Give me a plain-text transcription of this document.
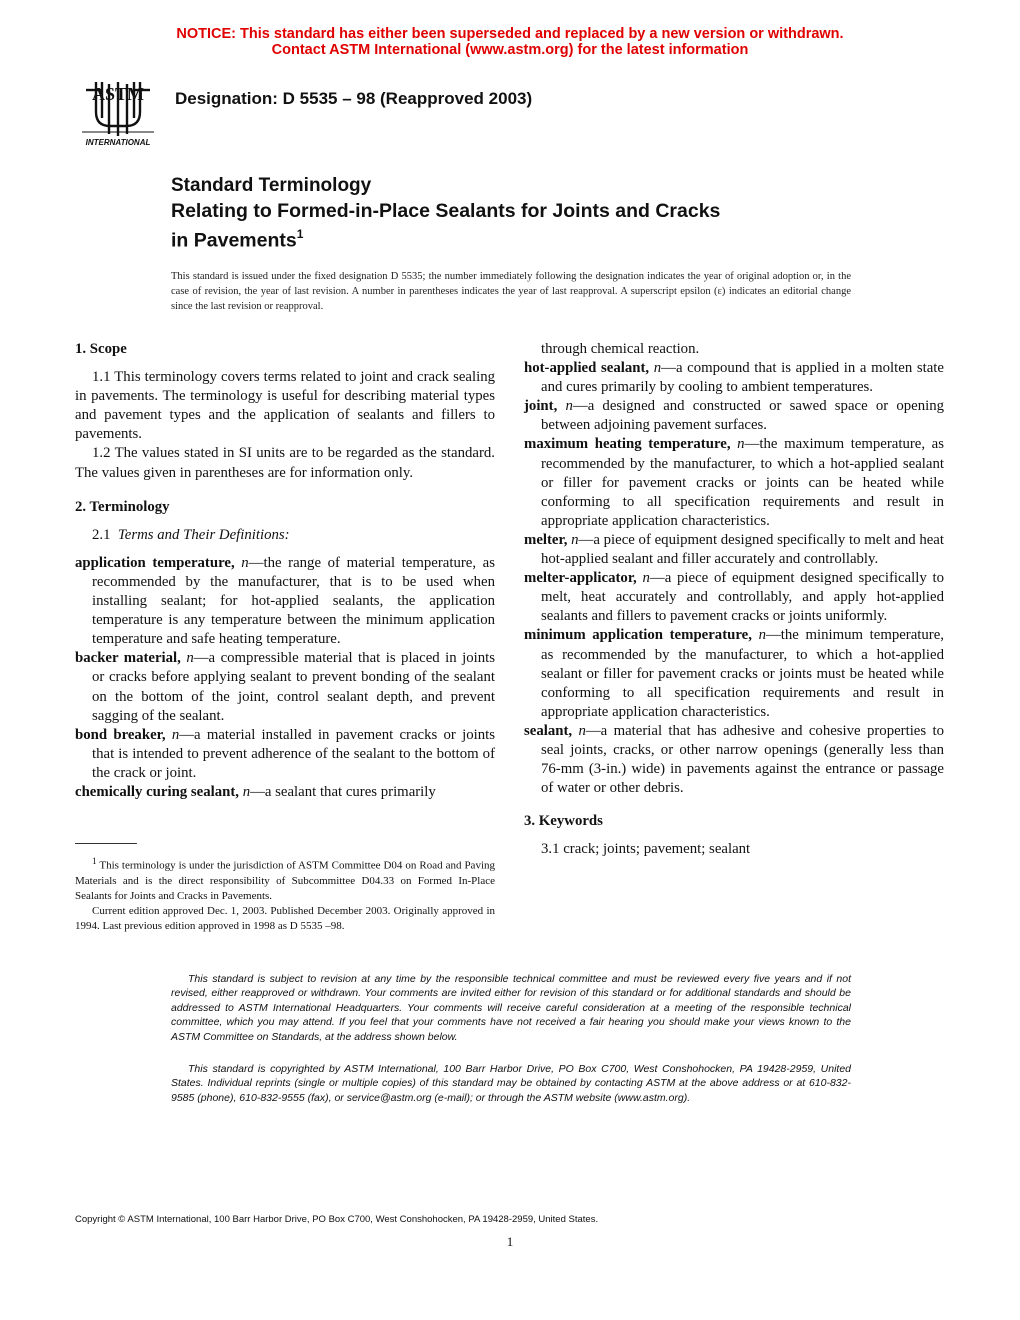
NOTICE: This standard has either been superseded and replaced by a new version or withdrawn.
Contact ASTM International (www.astm.org) for the latest information
ASTM
INTERNATIONAL
Designation: D 5535 – 98 (Reapproved 2003)
Standard Terminology
Relating to Formed-in-Place Sealants for Joints and Cracks
in Pavements$^1$
This standard is issued under the fixed designation D 5535; the number immediately following the designation indicates the year of original adoption or, in the case of revision, the year of last revision. A number in parentheses indicates the year of last reapproval. A superscript epsilon (ε) indicates an editorial change since the last revision or reapproval.

1. Scope

1.1 This terminology covers terms related to joint and crack sealing in pavements. The terminology is useful for describing material types and pavement types and the application of sealants and fillers to pavements.

1.2 The values stated in SI units are to be regarded as the standard. The values given in parentheses are for information only.

2. Terminology

2.1 Terms and Their Definitions:

application temperature, n—the range of material temperature, as recommended by the manufacturer, that is to be used when installing sealant; for hot-applied sealants, the application temperature is any temperature between the minimum application temperature and safe heating temperature.

backer material, n—a compressible material that is placed in joints or cracks before applying sealant to prevent bonding of the sealant on the bottom of the joint, control sealant depth, and prevent sagging of the sealant.

bond breaker, n—a material installed in pavement cracks or joints that is intended to prevent adherence of the sealant to the bottom of the crack or joint.

chemically curing sealant, n—a sealant that cures primarily

$^1$ This terminology is under the jurisdiction of ASTM Committee D04 on Road and Paving Materials and is the direct responsibility of Subcommittee D04.33 on Formed In-Place Sealants for Joints and Cracks in Pavements.

Current edition approved Dec. 1, 2003. Published December 2003. Originally approved in 1994. Last previous edition approved in 1998 as D 5535 –98.

through chemical reaction.

hot-applied sealant, n—a compound that is applied in a molten state and cures primarily by cooling to ambient temperatures.

joint, n—a designed and constructed or sawed space or opening between adjoining pavement surfaces.

maximum heating temperature, n—the maximum temperature, as recommended by the manufacturer, to which a hot-applied sealant or filler for pavement cracks or joints can be heated while conforming to all specification requirements and result in appropriate application characteristics.

melter, n—a piece of equipment designed specifically to melt and heat hot-applied sealant and filler accurately and controllably.

melter-applicator, n—a piece of equipment designed specifically to melt, heat accurately and controllably, and apply hot-applied sealants and fillers to pavement cracks or joints uniformly.

minimum application temperature, n—the minimum temperature, as recommended by the manufacturer, to which a hot-applied sealant or filler for pavement cracks or joints must be heated while conforming to all specification requirements and result in appropriate application characteristics.

sealant, n—a material that has adhesive and cohesive properties to seal joints, cracks, or other narrow openings (generally less than 76-mm (3-in.) wide) in pavements against the entrance or passage of water or other debris.

3. Keywords

3.1 crack; joints; pavement; sealant

This standard is subject to revision at any time by the responsible technical committee and must be reviewed every five years and if not revised, either reapproved or withdrawn. Your comments are invited either for revision of this standard or for additional standards and should be addressed to ASTM International Headquarters. Your comments will receive careful consideration at a meeting of the responsible technical committee, which you may attend. If you feel that your comments have not received a fair hearing you should make your views known to the ASTM Committee on Standards, at the address shown below.

This standard is copyrighted by ASTM International, 100 Barr Harbor Drive, PO Box C700, West Conshohocken, PA 19428-2959, United States. Individual reprints (single or multiple copies) of this standard may be obtained by contacting ASTM at the above address or at 610-832-9585 (phone), 610-832-9555 (fax), or service@astm.org (e-mail); or through the ASTM website (www.astm.org).

Copyright © ASTM International, 100 Barr Harbor Drive, PO Box C700, West Conshohocken, PA 19428-2959, United States.
1
